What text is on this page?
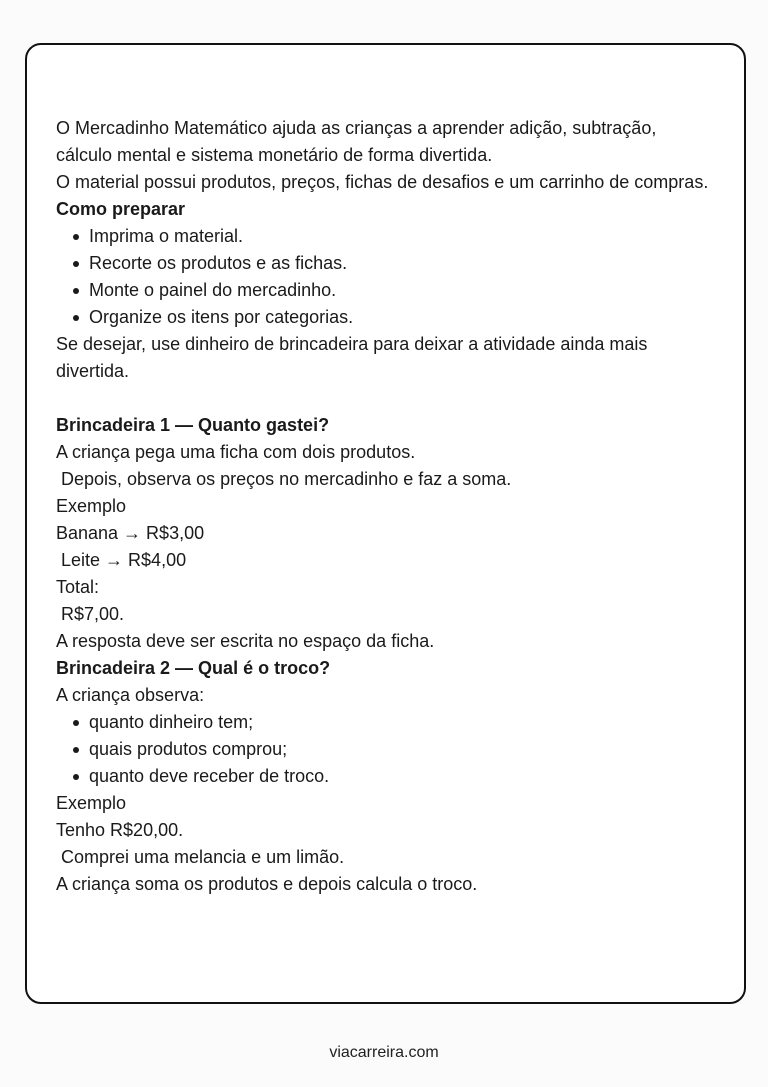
O Mercadinho Matemático ajuda as crianças a aprender adição, subtração, cálculo mental e sistema monetário de forma divertida.
O material possui produtos, preços, fichas de desafios e um carrinho de compras.
Como preparar
Imprima o material.
Recorte os produtos e as fichas.
Monte o painel do mercadinho.
Organize os itens por categorias.
Se desejar, use dinheiro de brincadeira para deixar a atividade ainda mais divertida.
Brincadeira 1 — Quanto gastei?
A criança pega uma ficha com dois produtos.
Depois, observa os preços no mercadinho e faz a soma.
Exemplo
Banana → R$3,00
Leite → R$4,00
Total:
R$7,00.
A resposta deve ser escrita no espaço da ficha.
Brincadeira 2 — Qual é o troco?
A criança observa:
quanto dinheiro tem;
quais produtos comprou;
quanto deve receber de troco.
Exemplo
Tenho R$20,00.
Comprei uma melancia e um limão.
A criança soma os produtos e depois calcula o troco.
viacarreira.com
